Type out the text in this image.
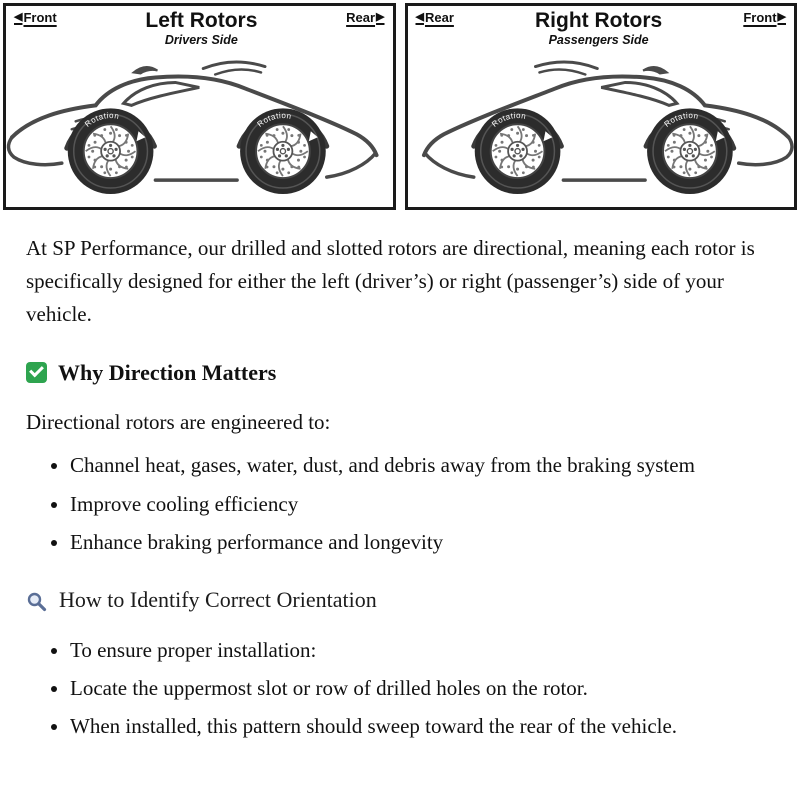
◀ Front	Left Rotors
Drivers Side
Rear ▶
Rotation
Rotation
◀ Rear	Right Rotors
Passengers Side
Front ▶
Rotation
Rotation

At SP Performance, our drilled and slotted rotors are directional, meaning each rotor is specifically designed for either the left (driver’s) or right (passenger’s) side of your vehicle.

Why Direction Matters

Directional rotors are engineered to:

• Channel heat, gases, water, dust, and debris away from the braking system
• Improve cooling efficiency
• Enhance braking performance and longevity
How to Identify Correct Orientation
• To ensure proper installation:
• Locate the uppermost slot or row of drilled holes on the rotor.
• When installed, this pattern should sweep toward the rear of the vehicle.
